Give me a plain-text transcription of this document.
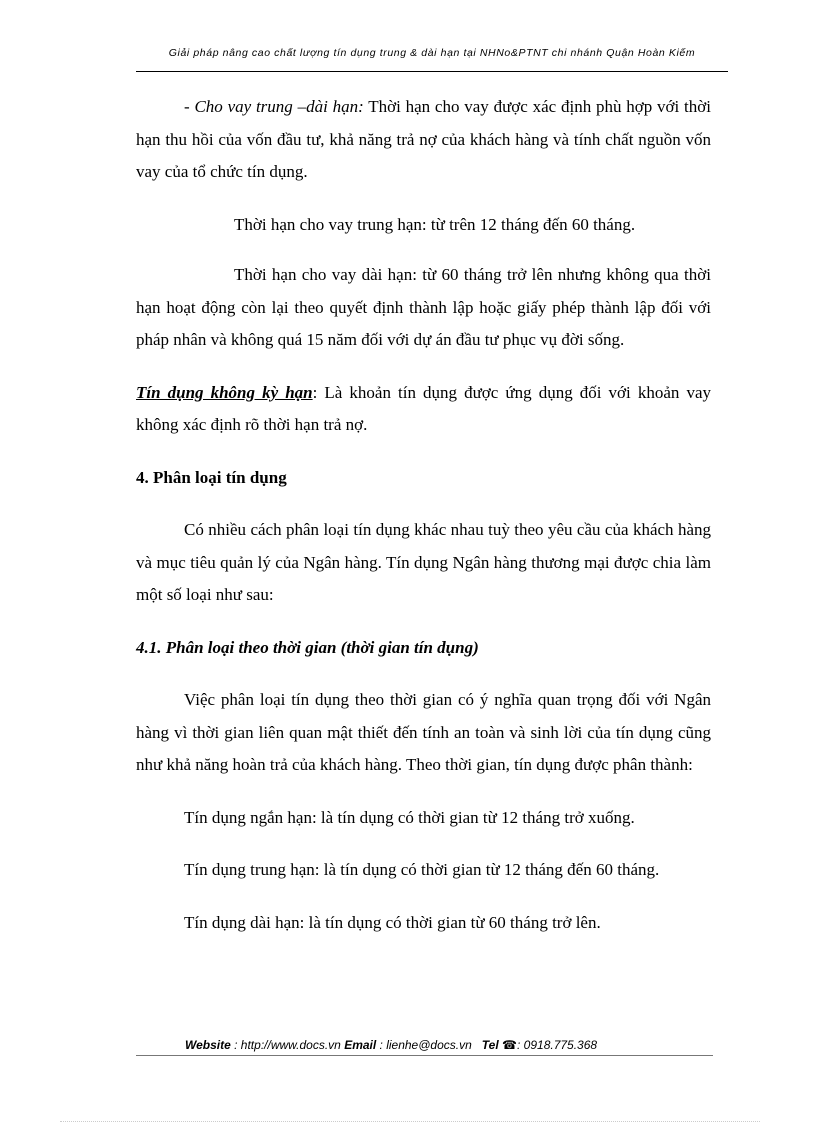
Giải pháp nâng cao chất lượng tín dụng trung & dài hạn tại NHNo&PTNT chi nhánh Quận Hoàn Kiếm

- Cho vay trung –dài hạn: Thời hạn cho vay được xác định phù hợp với thời hạn thu hồi của vốn đầu tư, khả năng trả nợ của khách hàng và tính chất nguồn vốn vay của tổ chức tín dụng.

Thời hạn cho vay trung hạn: từ trên 12 tháng đến 60 tháng.

Thời hạn cho vay dài hạn: từ 60 tháng trở lên nhưng không qua thời hạn hoạt động còn lại theo quyết định thành lập hoặc giấy phép thành lập đối với pháp nhân và không quá 15 năm đối với dự án đầu tư phục vụ đời sống.

Tín dụng không kỳ hạn: Là khoản tín dụng được ứng dụng đối với khoản vay không xác định rõ thời hạn trả nợ.

4. Phân loại tín dụng

Có nhiều cách phân loại tín dụng khác nhau tuỳ theo yêu cầu của khách hàng và mục tiêu quản lý của Ngân hàng. Tín dụng Ngân hàng thương mại được chia làm một số loại như sau:

4.1. Phân loại theo thời gian (thời gian tín dụng)

Việc phân loại tín dụng theo thời gian có ý nghĩa quan trọng đối với Ngân hàng vì thời gian liên quan mật thiết đến tính an toàn và sinh lời của tín dụng cũng như khả năng hoàn trả của khách hàng. Theo thời gian, tín dụng được phân thành:

Tín dụng ngắn hạn: là tín dụng có thời gian từ 12 tháng trở xuống.

Tín dụng trung hạn: là tín dụng có thời gian từ 12 tháng đến 60 tháng.

Tín dụng dài hạn: là tín dụng có thời gian từ 60 tháng trở lên.

Website : http://www.docs.vn Email : lienhe@docs.vn Tel ☎: 0918.775.368
